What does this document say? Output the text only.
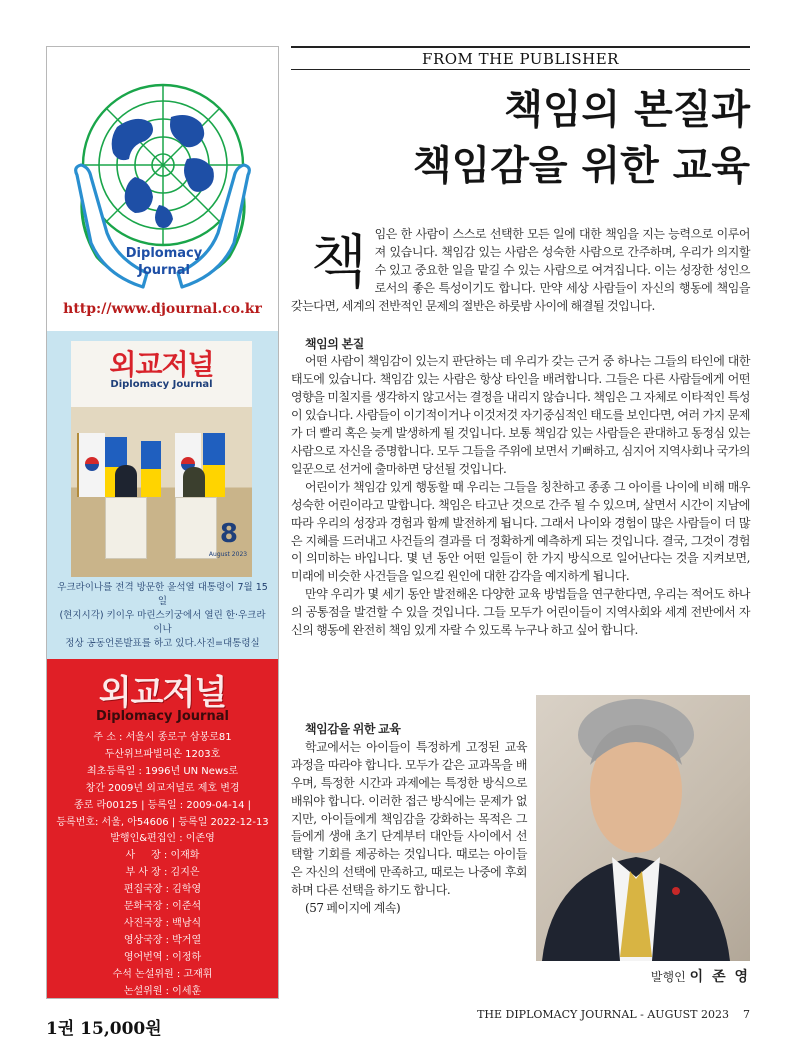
Diplomacy
Journal
http://www.djournal.co.kr
외교저널
Diplomacy Journal
8
August 2023
우크라이나를 전격 방문한 윤석열 대통령이 7월 15일
(현지시각) 키이우 마린스키궁에서 열린 한·우크라이나
정상 공동언론발표를 하고 있다.사진=대통령실
외교저널
Diplomacy Journal
주 소 : 서울시 종로구 삼봉로81
두산위브파빌리온 1203호
최초등록일 : 1996년 UN News로
창간 2009년 외교저널로 제호 변경
종로 라00125 | 등록일 : 2009-04-14 |
등록번호: 서울, 아54606 | 등록일 2022-12-13
발행인&편집인 : 이존영
사     장 : 이재화
부 사 장 : 김지은
편집국장 : 김학영
문화국장 : 이준석
사진국장 : 백남식
영상국장 : 박거열
영어번역 : 이정하
수석 논설위원 : 고재휘
논설위원 : 이세훈
1권 15,000원
FROM THE PUBLISHER
책임의 본질과
책임감을 위한 교육

책임은 한 사람이 스스로 선택한 모든 일에 대한 책임을 지는 능력으로 이루어져 있습니다. 책임감 있는 사람은 성숙한 사람으로 간주하며, 우리가 의지할 수 있고 중요한 일을 맡길 수 있는 사람으로 여겨집니다. 이는 성장한 성인으로서의 좋은 특성이기도 합니다. 만약 세상 사람들이 자신의 행동에 책임을 갖는다면, 세계의 전반적인 문제의 절반은 하룻밤 사이에 해결될 것입니다.

책임의 본질

어떤 사람이 책임감이 있는지 판단하는 데 우리가 갖는 근거 중 하나는 그들의 타인에 대한 태도에 있습니다. 책임감 있는 사람은 항상 타인을 배려합니다. 그들은 다른 사람들에게 어떤 영향을 미칠지를 생각하지 않고서는 결정을 내리지 않습니다. 책임은 그 자체로 이타적인 특성이 있습니다. 사람들이 이기적이거나 이것저것 자기중심적인 태도를 보인다면, 여러 가지 문제가 더 빨리 혹은 늦게 발생하게 될 것입니다. 보통 책임감 있는 사람들은 관대하고 동정심 있는 사람으로 자신을 증명합니다. 모두 그들을 주위에 보면서 기뻐하고, 심지어 지역사회나 국가의 일꾼으로 선거에 출마하면 당선될 것입니다.

어린이가 책임감 있게 행동할 때 우리는 그들을 칭찬하고 종종 그 아이를 나이에 비해 매우 성숙한 어린이라고 말합니다. 책임은 타고난 것으로 간주 될 수 있으며, 살면서 시간이 지남에 따라 우리의 성장과 경험과 함께 발전하게 됩니다. 그래서 나이와 경험이 많은 사람들이 더 많은 지혜를 드러내고 사건들의 결과를 더 정확하게 예측하게 되는 것입니다. 결국, 그것이 경험이 의미하는 바입니다. 몇 년 동안 어떤 일들이 한 가지 방식으로 일어난다는 것을 지켜보면, 미래에 비슷한 사건들을 일으킬 원인에 대한 감각을 예지하게 됩니다.

만약 우리가 몇 세기 동안 발전해온 다양한 교육 방법들을 연구한다면, 우리는 적어도 하나의 공통점을 발견할 수 있을 것입니다. 그들 모두가 어린이들이 지역사회와 세계 전반에서 자신의 행동에 완전히 책임 있게 자랄 수 있도록 누구나 하고 싶어 합니다.

책임감을 위한 교육

학교에서는 아이들이 특정하게 고정된 교육과정을 따라야 합니다. 모두가 같은 교과목을 배우며, 특정한 시간과 과제에는 특정한 방식으로 배워야 합니다. 이러한 접근 방식에는 문제가 없지만, 아이들에게 책임감을 강화하는 목적은 그들에게 생애 초기 단계부터 대안들 사이에서 선택할 기회를 제공하는 것입니다. 때로는 아이들은 자신의 선택에 만족하고, 때로는 나중에 후회하며 다른 선택을 하기도 합니다.

(57 페이지에 계속)

발행인 이 존 영
THE DIPLOMACY JOURNAL - AUGUST 2023 7
